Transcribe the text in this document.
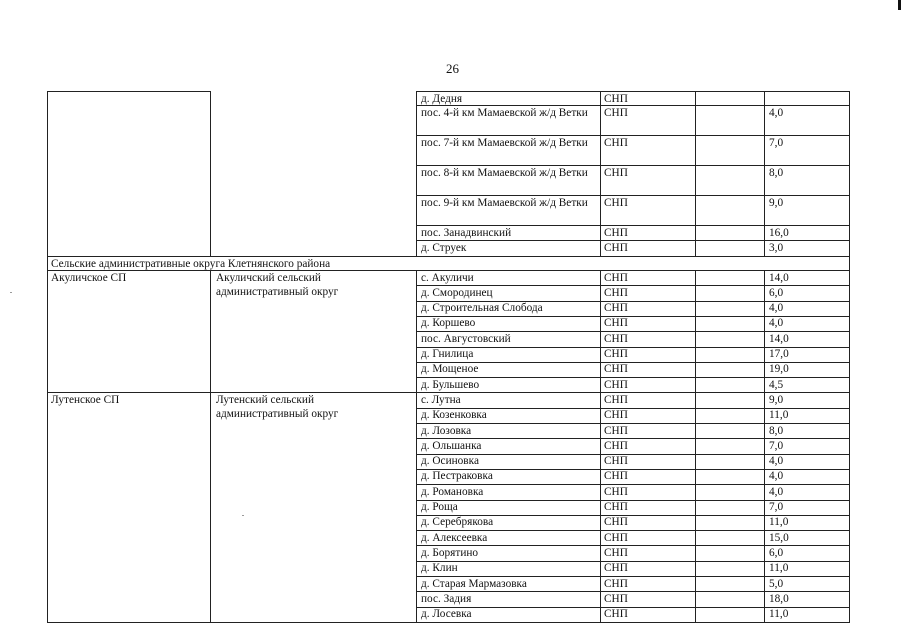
26
д. Дедня	СНП
пос. 4-й км Мамаевской ж/д Ветки	СНП	4,0
пос. 7-й км Мамаевской ж/д Ветки	СНП	7,0
пос. 8-й км Мамаевской ж/д Ветки	СНП	8,0
пос. 9-й км Мамаевской ж/д Ветки	СНП	9,0
пос. Занадвинский	СНП	16,0
д. Струек	СНП	3,0
Сельские административные округа Клетнянского района
Акуличское СП	Акуличский сельский административный округ
с. Акуличи	СНП	14,0
д. Смородинец	СНП	6,0
д. Строительная Слобода	СНП	4,0
д. Коршево	СНП	4,0
пос. Августовский	СНП	14,0
д. Гнилица	СНП	17,0
д. Мощеное	СНП	19,0
д. Бульшево	СНП	4,5
Лутенское СП	Лутенский сельский административный округ
с. Лутна	СНП	9,0
д. Козенковка	СНП	11,0
д. Лозовка	СНП	8,0
д. Ольшанка	СНП	7,0
д. Осиновка	СНП	4,0
д. Пестраковка	СНП	4,0
д. Романовка	СНП	4,0
д. Роща	СНП	7,0
д. Серебрякова	СНП	11,0
д. Алексеевка	СНП	15,0
д. Борятино	СНП	6,0
д. Клин	СНП	11,0
д. Старая Мармазовка	СНП	5,0
пос. Задия	СНП	18,0
д. Лосевка	СНП	11,0
